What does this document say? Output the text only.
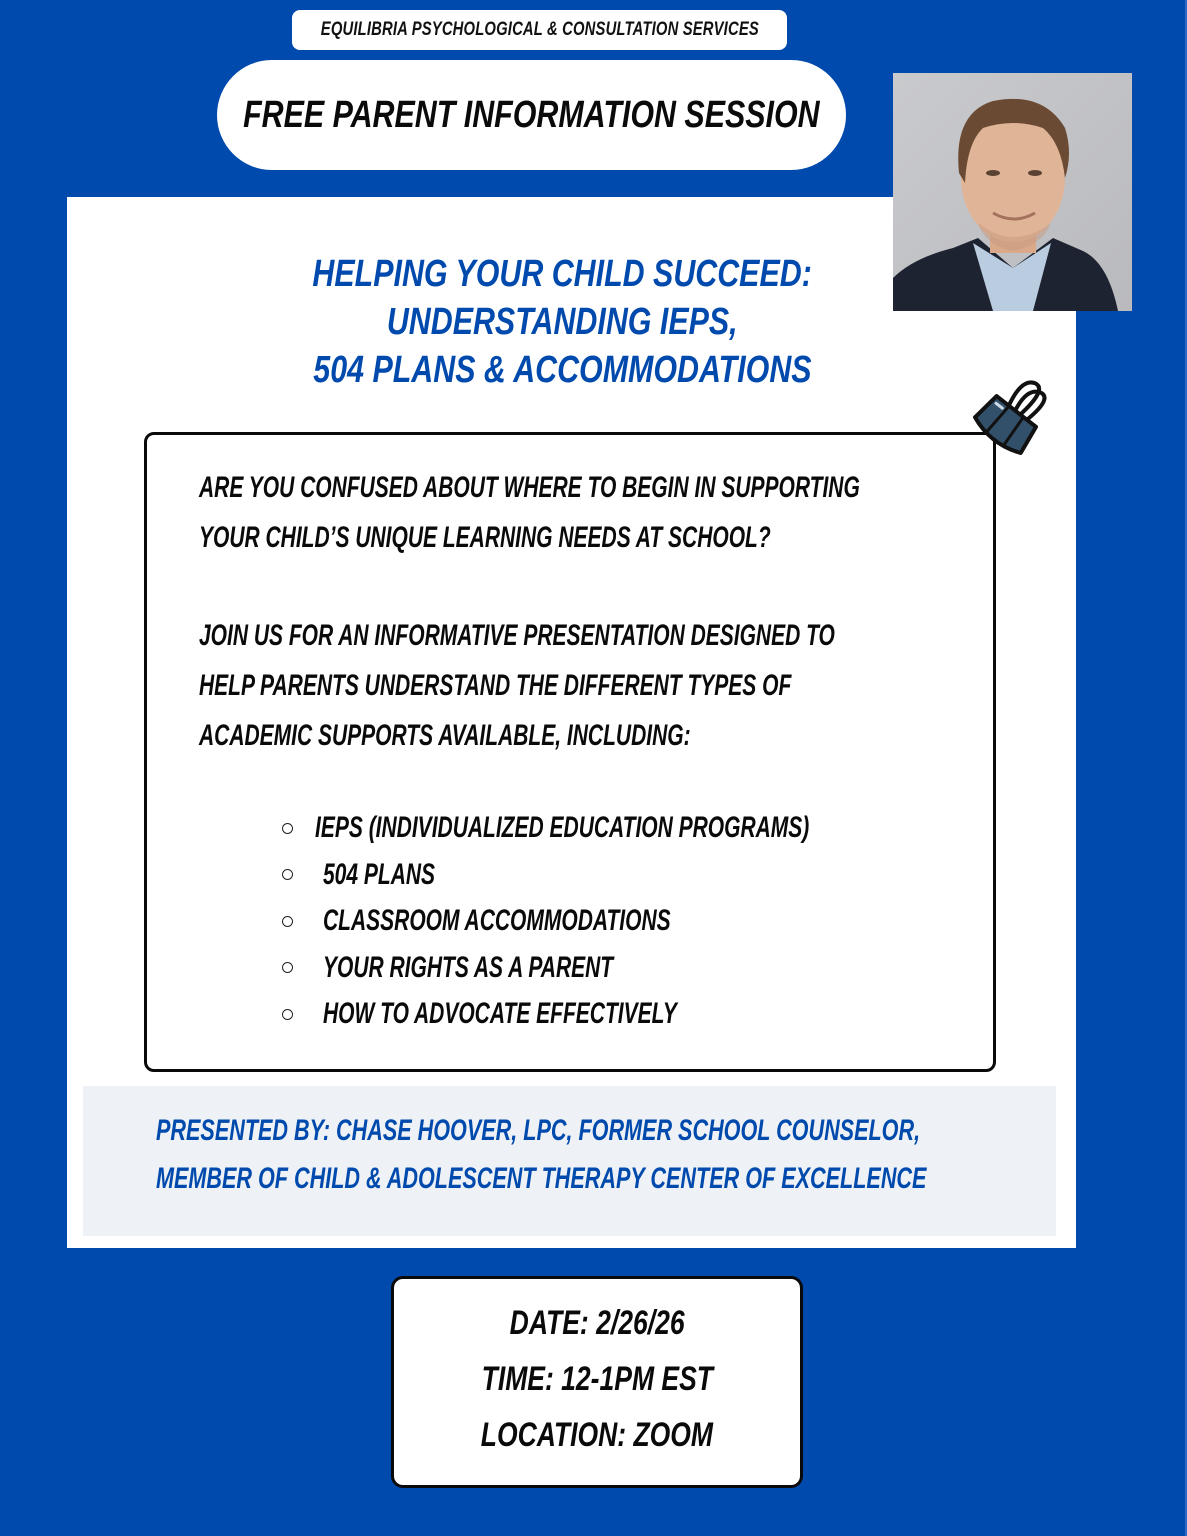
EQUILIBRIA PSYCHOLOGICAL & CONSULTATION SERVICES
FREE PARENT INFORMATION SESSION
HELPING YOUR CHILD SUCCEED:
UNDERSTANDING IEPS,
504 PLANS & ACCOMMODATIONS
ARE YOU CONFUSED ABOUT WHERE TO BEGIN IN SUPPORTING
YOUR CHILD’S UNIQUE LEARNING NEEDS AT SCHOOL?
JOIN US FOR AN INFORMATIVE PRESENTATION DESIGNED TO
HELP PARENTS UNDERSTAND THE DIFFERENT TYPES OF
ACADEMIC SUPPORTS AVAILABLE, INCLUDING:
IEPS (INDIVIDUALIZED EDUCATION PROGRAMS)
504 PLANS
CLASSROOM ACCOMMODATIONS
YOUR RIGHTS AS A PARENT
HOW TO ADVOCATE EFFECTIVELY
PRESENTED BY: CHASE HOOVER, LPC, FORMER SCHOOL COUNSELOR,
MEMBER OF CHILD & ADOLESCENT THERAPY CENTER OF EXCELLENCE
DATE: 2/26/26
TIME: 12-1PM EST
LOCATION: ZOOM
